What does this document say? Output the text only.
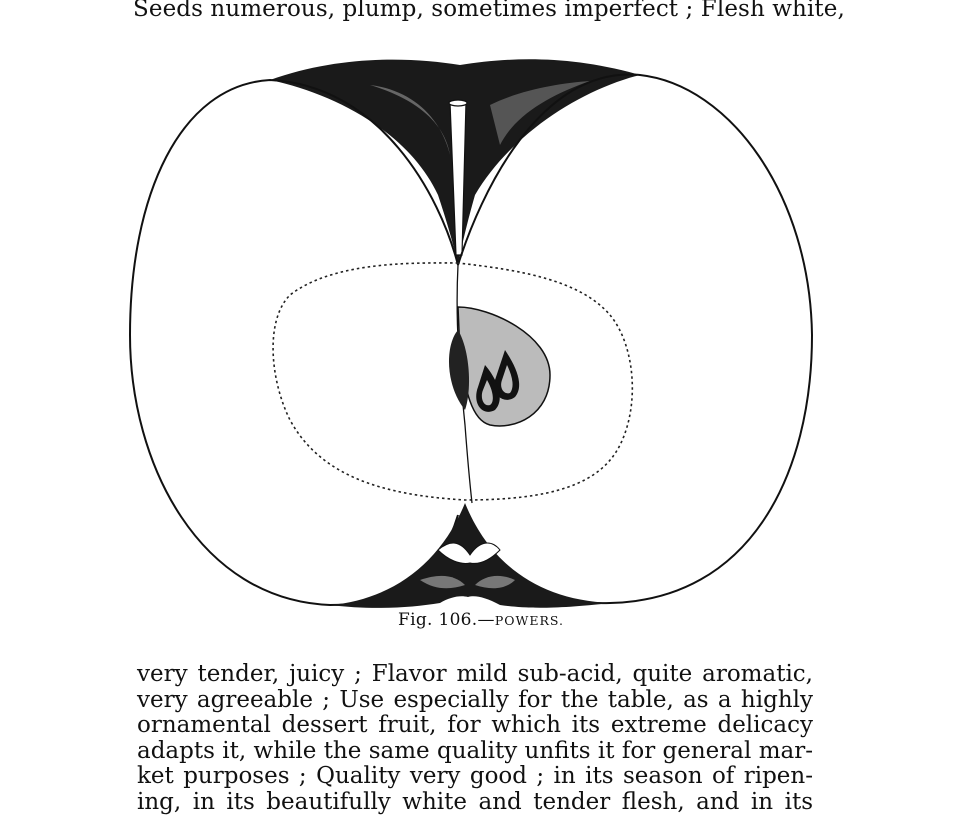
Seeds numerous, plump, sometimes imperfect ; Flesh white,
Fig. 106.—POWERS.
very tender, juicy ; Flavor mild sub-acid, quite aromatic,
very agreeable ; Use especially for the table, as a highly
ornamental dessert fruit, for which its extreme delicacy
adapts it, while the same quality unfits it for general mar-
ket purposes ; Quality very good ; in its season of ripen-
ing, in its beautifully white and tender flesh, and in its
